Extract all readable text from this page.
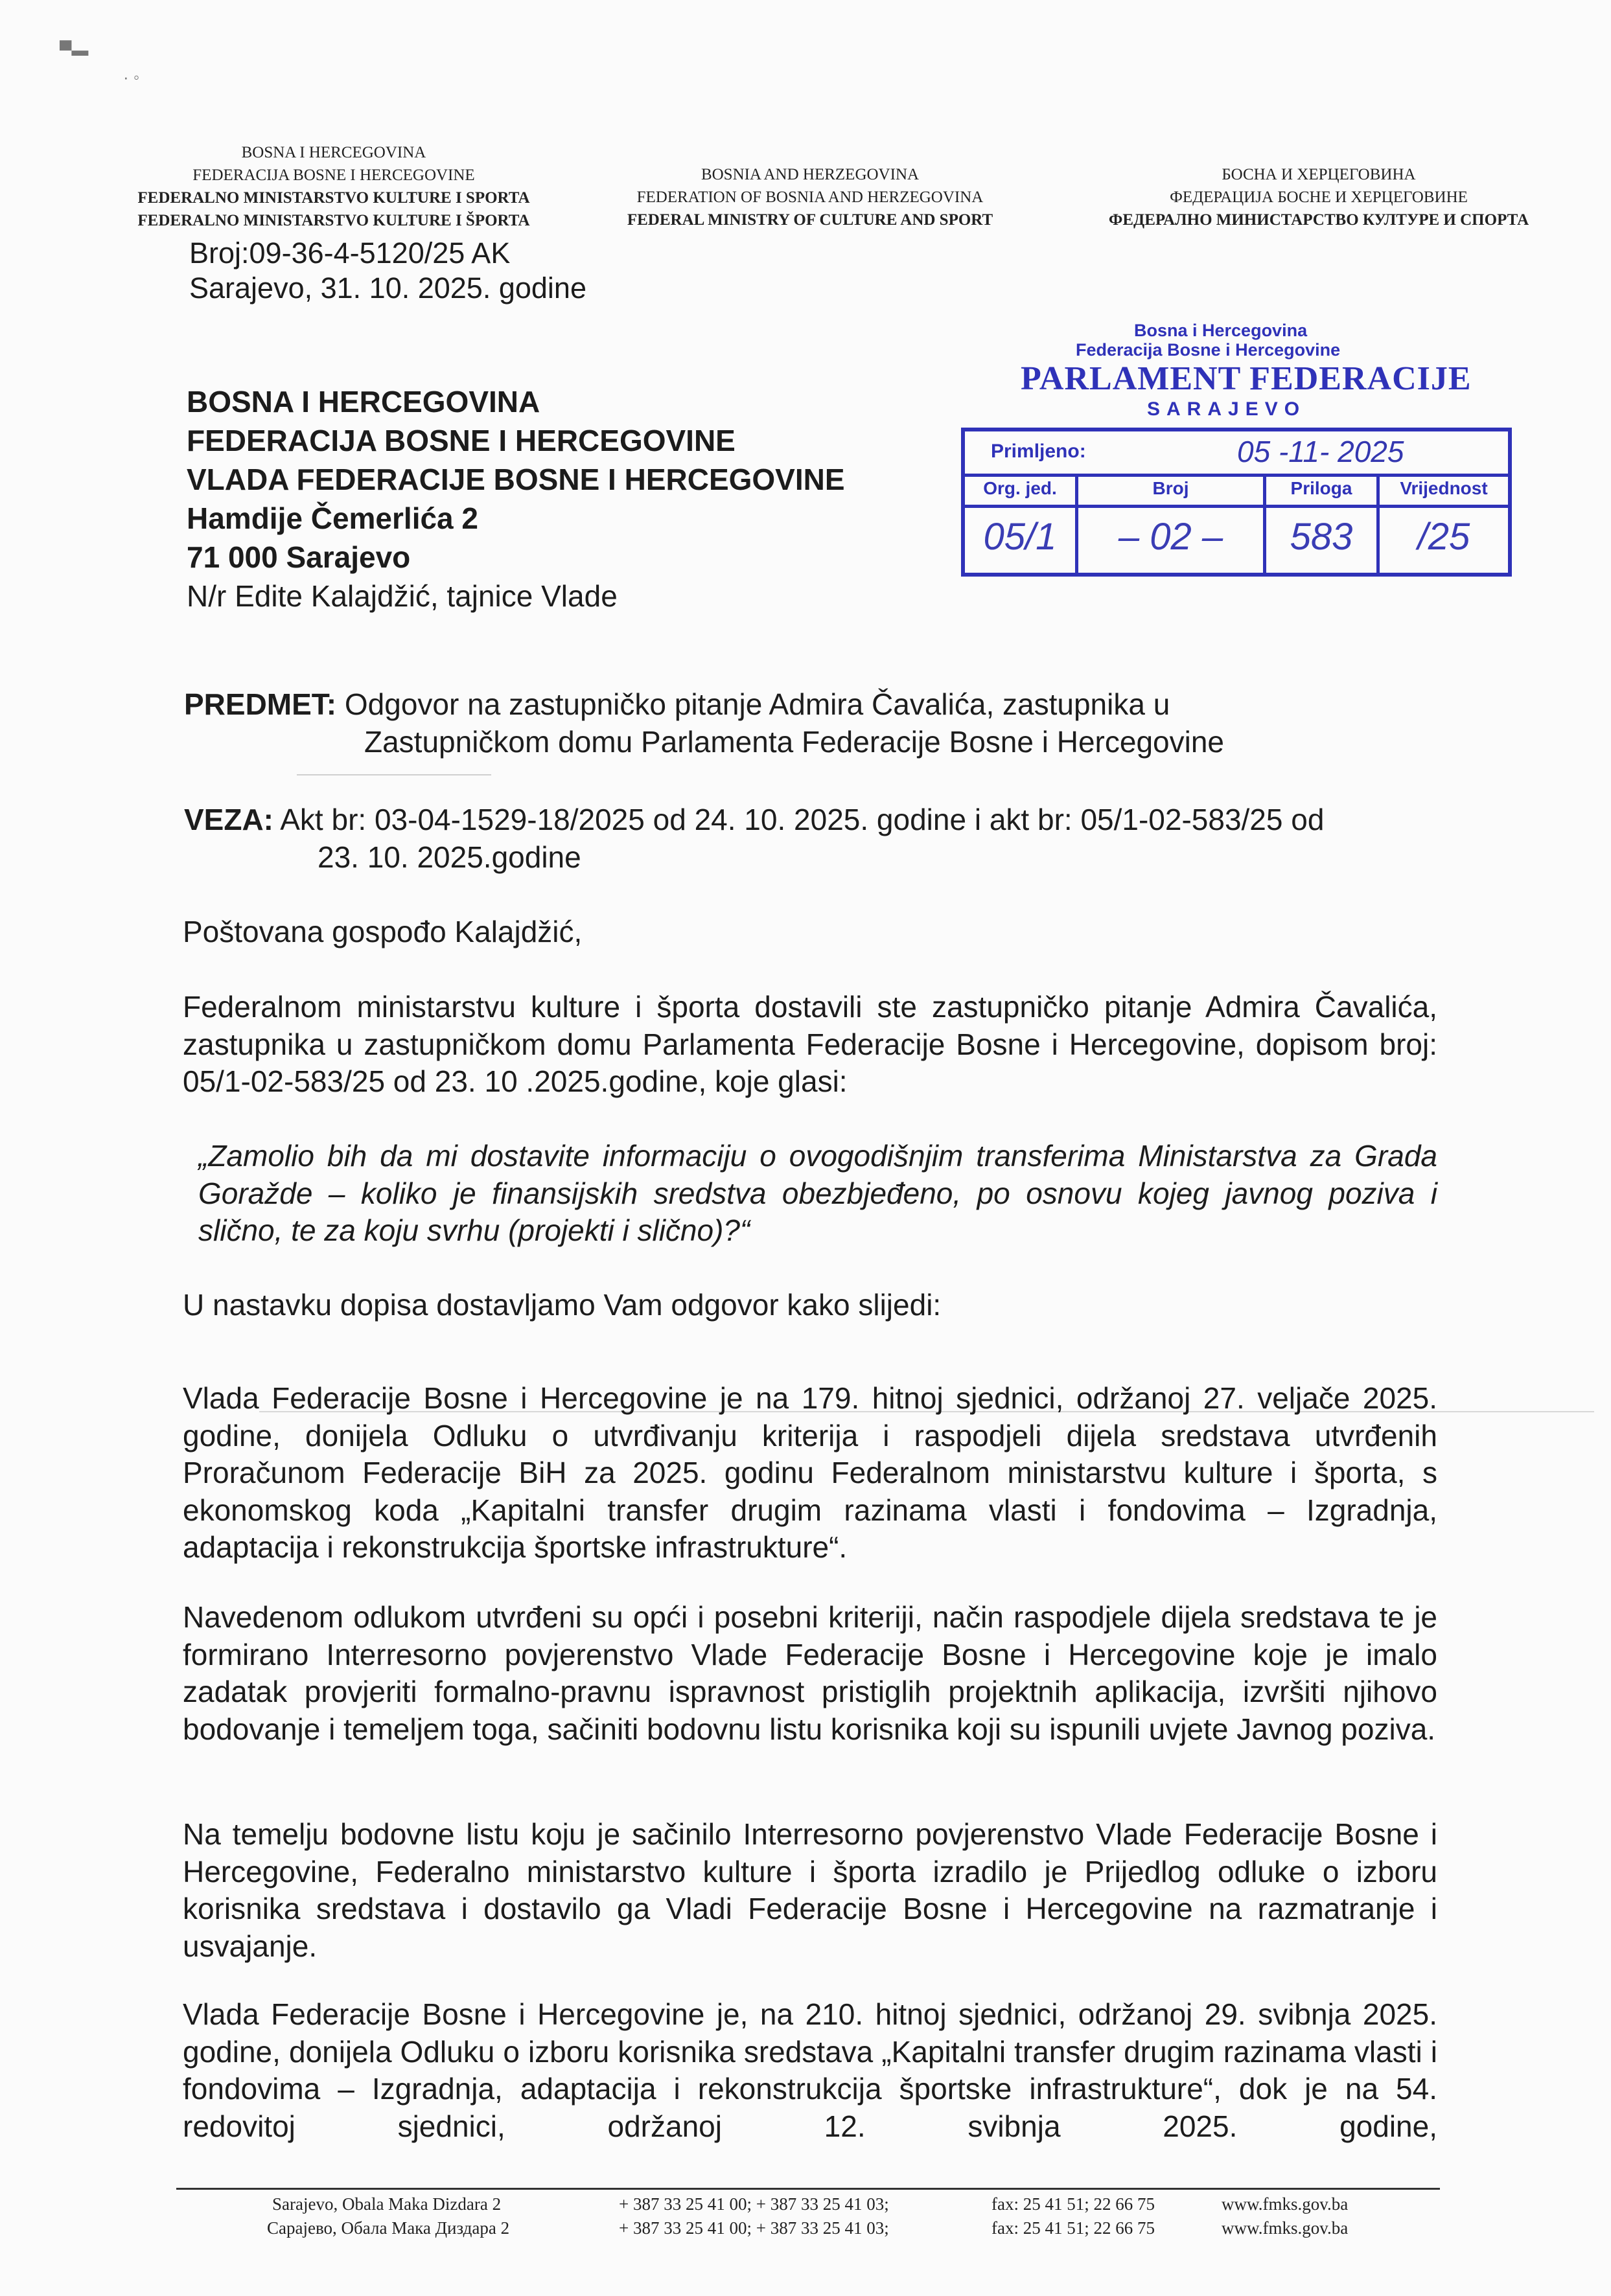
▀▬
· ◦
BOSNA I HERCEGOVINA
FEDERACIJA BOSNE I HERCEGOVINE
FEDERALNO MINISTARSTVO KULTURE I SPORTA
FEDERALNO MINISTARSTVO KULTURE I ŠPORTA
BOSNIA AND HERZEGOVINA
FEDERATION OF BOSNIA AND HERZEGOVINA
FEDERAL MINISTRY OF CULTURE AND SPORT
БОСНА И ХЕРЦЕГОВИНА
ФЕДЕРАЦИЈА БОСНЕ И ХЕРЦЕГОВИНЕ
ФЕДЕРАЛНО МИНИСТАРСТВО КУЛТУРЕ И СПОРТА
Broj:09-36-4-5120/25 AK
Sarajevo, 31. 10. 2025. godine
BOSNA I HERCEGOVINA
FEDERACIJA BOSNE I HERCEGOVINE
VLADA FEDERACIJE BOSNE I HERCEGOVINE
Hamdije Čemerlića 2
71 000 Sarajevo
N/r Edite Kalajdžić, tajnice Vlade
Bosna i Hercegovina
Federacija Bosne i Hercegovine
PARLAMENT FEDERACIJE
SARAJEVO
Primljeno:	05 -11- 2025
Org. jed.	Broj	Priloga	Vrijednost
05/1	– 02 –	583	/25
PREDMET: Odgovor na zastupničko pitanje Admira Čavalića, zastupnika u
Zastupničkom domu Parlamenta Federacije Bosne i Hercegovine
VEZA: Akt br: 03-04-1529-18/2025 od 24. 10. 2025. godine i akt br: 05/1-02-583/25 od
23. 10. 2025.godine
Poštovana gospođo Kalajdžić,
Federalnom ministarstvu kulture i športa dostavili ste zastupničko pitanje Admira Čavalića, zastupnika u zastupničkom domu Parlamenta Federacije Bosne i Hercegovine, dopisom broj: 05/1-02-583/25 od 23. 10 .2025.godine, koje glasi:
„Zamolio bih da mi dostavite informaciju o ovogodišnjim transferima Ministarstva za Grada Goražde – koliko je finansijskih sredstva obezbjeđeno, po osnovu kojeg javnog poziva i slično, te za koju svrhu (projekti i slično)?“
U nastavku dopisa dostavljamo Vam odgovor kako slijedi:
Vlada Federacije Bosne i Hercegovine je na 179. hitnoj sjednici, održanoj 27. veljače 2025. godine, donijela Odluku o utvrđivanju kriterija i raspodjeli dijela sredstava utvrđenih Proračunom Federacije BiH za 2025. godinu Federalnom ministarstvu kulture i športa, s ekonomskog koda „Kapitalni transfer drugim razinama vlasti i fondovima – Izgradnja, adaptacija i rekonstrukcija športske infrastrukture“.
Navedenom odlukom utvrđeni su opći i posebni kriteriji, način raspodjele dijela sredstava te je formirano Interresorno povjerenstvo Vlade Federacije Bosne i Hercegovine koje je imalo zadatak provjeriti formalno-pravnu ispravnost pristiglih projektnih aplikacija, izvršiti njihovo bodovanje i temeljem toga, sačiniti bodovnu listu korisnika koji su ispunili uvjete Javnog poziva.
Na temelju bodovne listu koju je sačinilo Interresorno povjerenstvo Vlade Federacije Bosne i Hercegovine, Federalno ministarstvo kulture i športa izradilo je Prijedlog odluke o izboru korisnika sredstava i dostavilo ga Vladi Federacije Bosne i Hercegovine na razmatranje i usvajanje.
Vlada Federacije Bosne i Hercegovine je, na 210. hitnoj sjednici, održanoj 29. svibnja 2025. godine, donijela Odluku o izboru korisnika sredstava „Kapitalni transfer drugim razinama vlasti i fondovima – Izgradnja, adaptacija i rekonstrukcija športske infrastrukture“, dok je na 54. redovitoj sjednici, održanoj 12. svibnja 2025. godine,
Sarajevo, Obala Maka Dizdara 2
Сарајево, Обала Мака Диздара 2
+ 387 33 25 41 00; + 387 33 25 41 03;
+ 387 33 25 41 00; + 387 33 25 41 03;
fax: 25 41 51; 22 66 75
fax: 25 41 51; 22 66 75
www.fmks.gov.ba
www.fmks.gov.ba
